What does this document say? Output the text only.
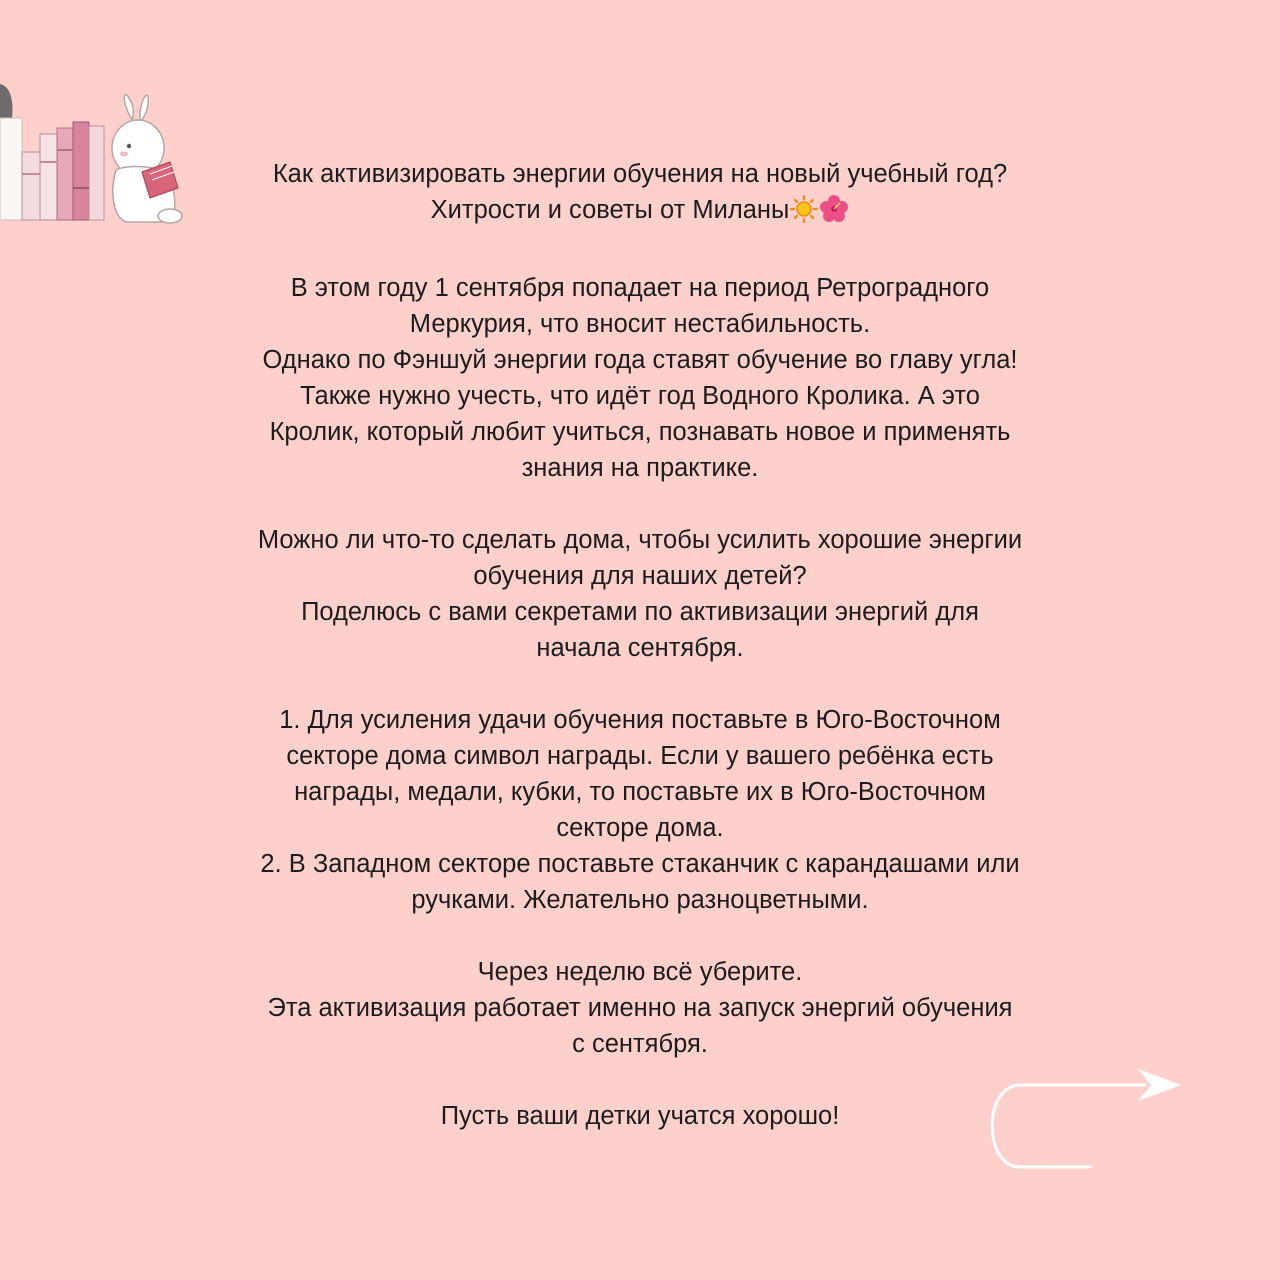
Как активизировать энергии обучения на новый учебный год?

Хитрости и советы от Миланы

В этом году 1 сентября попадает на период Ретроградного

Меркурия, что вносит нестабильность.

Однако по Фэншуй энергии года ставят обучение во главу угла!

Также нужно учесть, что идёт год Водного Кролика. А это

Кролик, который любит учиться, познавать новое и применять

знания на практике.

Можно ли что-то сделать дома, чтобы усилить хорошие энергии

обучения для наших детей?

Поделюсь с вами секретами по активизации энергий для

начала сентября.

1. Для усиления удачи обучения поставьте в Юго-Восточном

секторе дома символ награды. Если у вашего ребёнка есть

награды, медали, кубки, то поставьте их в Юго-Восточном

секторе дома.

2. В Западном секторе поставьте стаканчик с карандашами или

ручками. Желательно разноцветными.

Через неделю всё уберите.

Эта активизация работает именно на запуск энергий обучения

с сентября.

Пусть ваши детки учатся хорошо!
